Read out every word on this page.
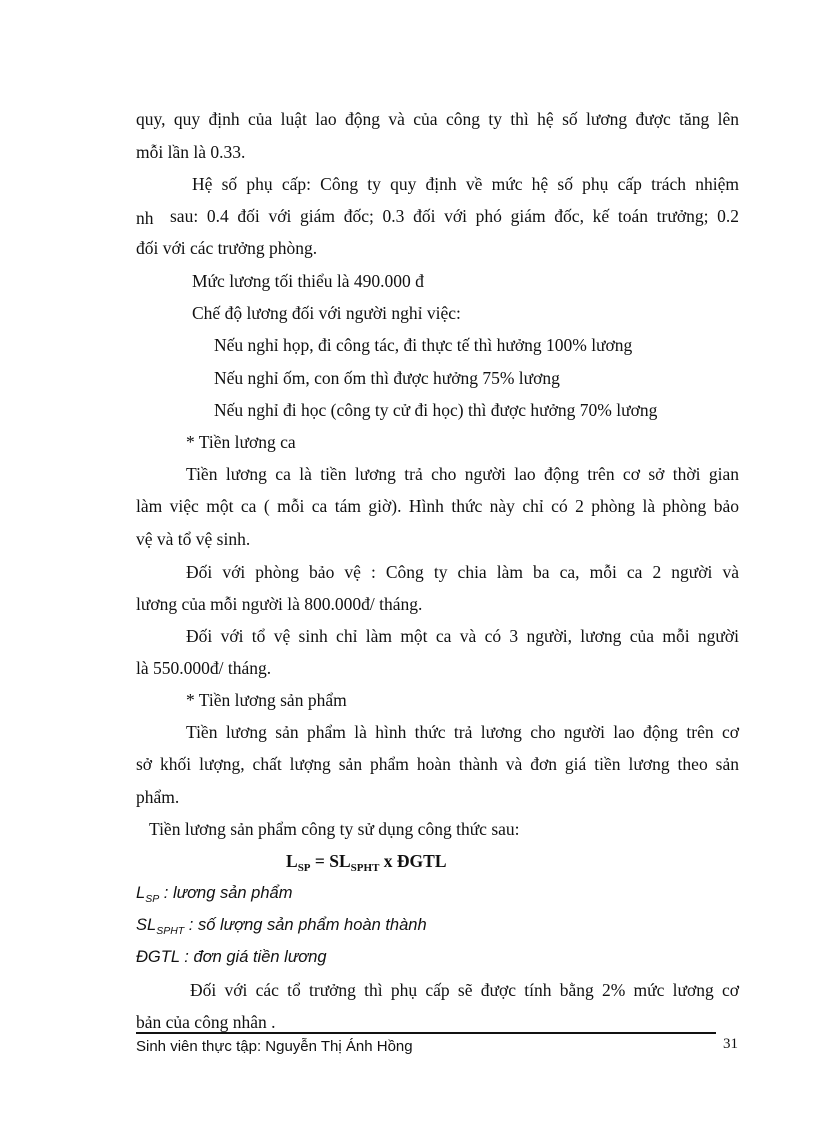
quy, quy định của luật lao động và của công ty thì hệ số lương được tăng lên
mỗi lần là 0.33.
Hệ số phụ cấp: Công ty quy định về mức hệ số phụ cấp trách nhiệm
nh sau: 0.4 đối với giám đốc; 0.3 đối với phó giám đốc, kế toán trưởng; 0.2
đối với các trưởng phòng.
Mức lương tối thiểu là 490.000 đ
Chế độ lương đối với người nghỉ việc:
Nếu nghỉ họp, đi công tác, đi thực tế thì hưởng 100% lương
Nếu nghỉ ốm, con ốm thì được hưởng 75% lương
Nếu nghỉ đi học (công ty cử đi học) thì được hưởng 70% lương
* Tiền lương ca
Tiền lương ca là tiền lương trả cho người lao động trên cơ sở thời gian
làm việc một ca ( mỗi ca tám giờ). Hình thức này chỉ có 2 phòng là phòng bảo
vệ và tổ vệ sinh.
Đối với phòng bảo vệ : Công ty chia làm ba ca, mỗi ca 2 người và
lương của mỗi người là 800.000đ/ tháng.
Đối với tổ vệ sinh chỉ làm một ca và có 3 người, lương của mỗi người
là 550.000đ/ tháng.
* Tiền lương sản phẩm
Tiền lương sản phẩm là hình thức trả lương cho người lao động trên cơ
sở khối lượng, chất lượng sản phẩm hoàn thành và đơn giá tiền lương theo sản
phẩm.
Tiền lương sản phẩm công ty sử dụng công thức sau:
$L_{SP} = SL_{SPHT}$ x ĐGTL
$L_{SP}$ : lương sản phẩm
$SL_{SPHT}$ : số lượng sản phẩm hoàn thành
ĐGTL : đơn giá tiền lương
Đối với các tổ trưởng thì phụ cấp sẽ được tính bằng 2% mức lương cơ
bản của công nhân .
Sinh viên thực tập: Nguyễn Thị Ánh Hồng	31
